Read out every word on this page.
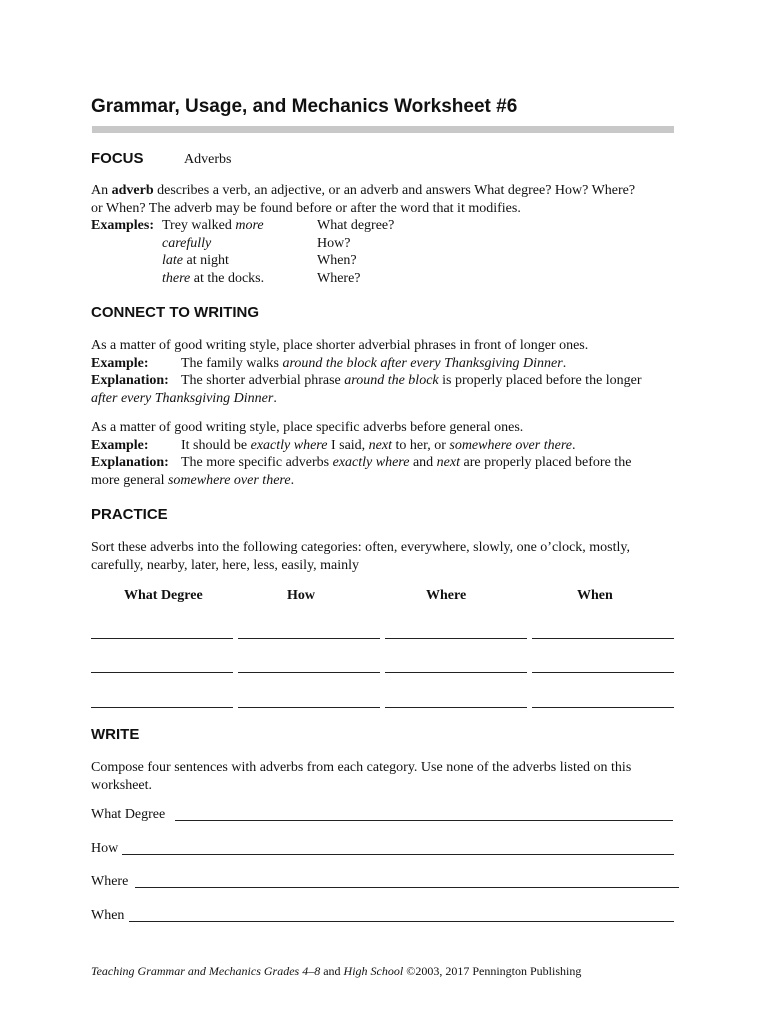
Grammar, Usage, and Mechanics Worksheet #6
FOCUS	Adverbs
An adverb describes a verb, an adjective, or an adverb and answers What degree? How? Where?
or When? The adverb may be found before or after the word that it modifies.
Examples: Trey walked more	What degree?
carefully	How?
late at night	When?
there at the docks.	Where?
CONNECT TO WRITING
As a matter of good writing style, place shorter adverbial phrases in front of longer ones.
Example: The family walks around the block after every Thanksgiving Dinner.
Explanation: The shorter adverbial phrase around the block is properly placed before the longer
after every Thanksgiving Dinner.
As a matter of good writing style, place specific adverbs before general ones.
Example: It should be exactly where I said, next to her, or somewhere over there.
Explanation: The more specific adverbs exactly where and next are properly placed before the
more general somewhere over there.
PRACTICE
Sort these adverbs into the following categories: often, everywhere, slowly, one o’clock, mostly,
carefully, nearby, later, here, less, easily, mainly
What Degree	How	Where	When
WRITE
Compose four sentences with adverbs from each category. Use none of the adverbs listed on this
worksheet.
What Degree
How
Where
When
Teaching Grammar and Mechanics Grades 4–8 and High School ©2003, 2017 Pennington Publishing
